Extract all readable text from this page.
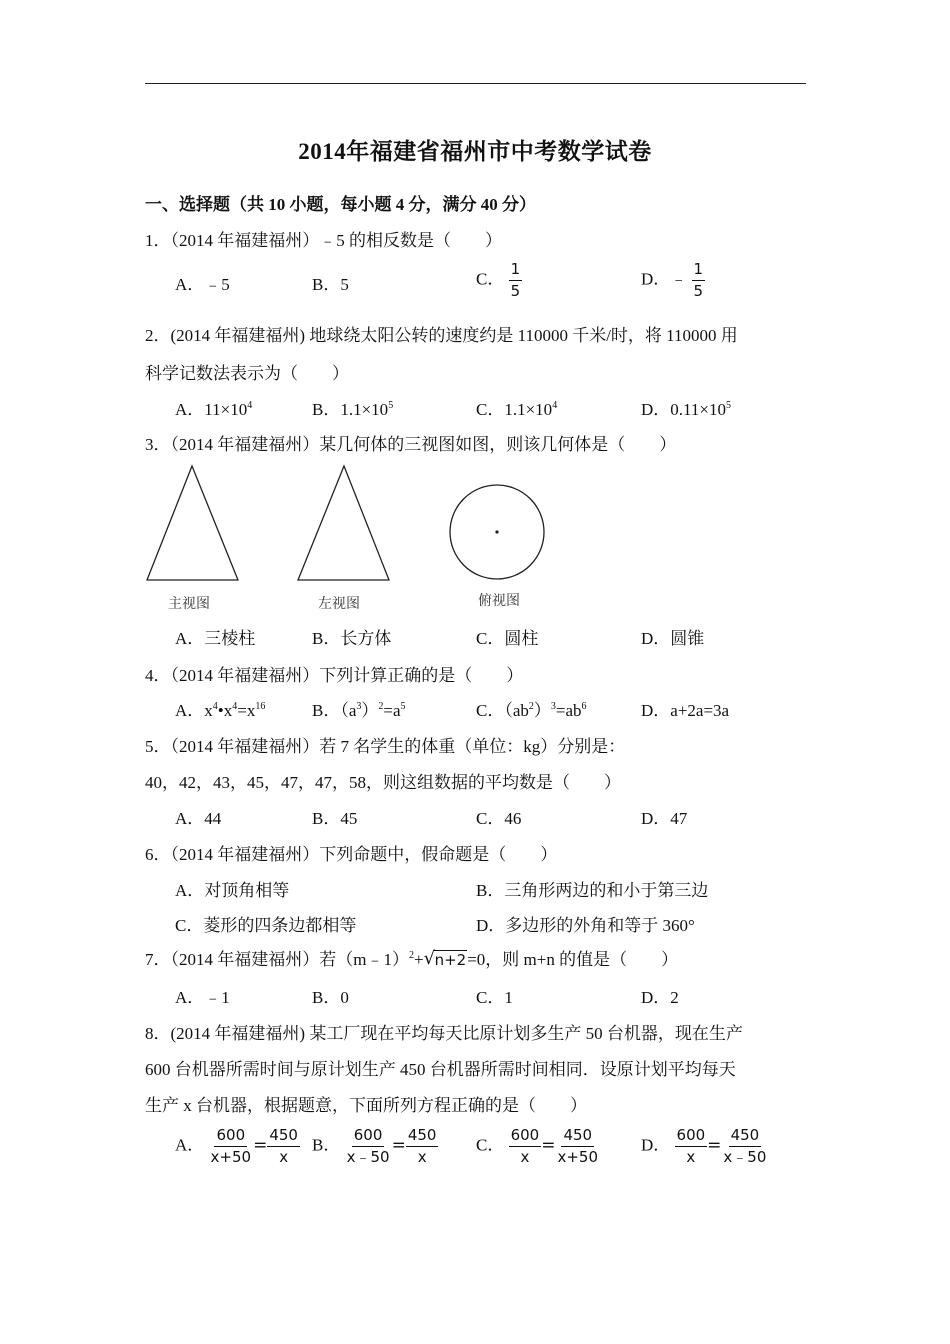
2014年福建省福州市中考数学试卷
一、选择题（共 10 小题，每小题 4 分，满分 40 分）
1．（2014 年福建福州）﹣5 的相反数是（　　）
A．﹣5	B．5	C． $\frac{1}{5}$	D．﹣ $\frac{1}{5}$
2．(2014 年福建福州) 地球绕太阳公转的速度约是 110000 千米/时，将 110000 用
科学记数法表示为（　　）
A．$11\times 10^4$	B．$1.1\times 10^5$	C．$1.1\times 10^4$	D．$0.11\times 10^5$
3．（2014 年福建福州）某几何体的三视图如图，则该几何体是（　　）
主视图	左视图	俯视图
A．三棱柱	B．长方体	C．圆柱	D．圆锥
4．（2014 年福建福州）下列计算正确的是（　　）
A．$x^4•x^4=x^{16}$	B．$(a^3)^2=a^5$	C．$(ab^2)^3=ab^6$	D．a+2a=3a
5．（2014 年福建福州）若 7 名学生的体重（单位：kg）分别是：
40，42，43，45，47，47，58，则这组数据的平均数是（　　）
A．44	B．45	C．46	D．47
6．（2014 年福建福州）下列命题中，假命题是（　　）
A．对顶角相等	B．三角形两边的和小于第三边
C．菱形的四条边都相等	D．多边形的外角和等于 360°
7．（2014 年福建福州）若（m﹣1）$^2$+ √ n+2=0，则 m+n 的值是（　　）
A．﹣1	B．0	C．1	D．2
8．(2014 年福建福州) 某工厂现在平均每天比原计划多生产 50 台机器，现在生产
600 台机器所需时间与原计划生产 450 台机器所需时间相同．设原计划平均每天
生产 x 台机器，根据题意，下面所列方程正确的是（　　）
A． $\frac{600}{x+50} = \frac{450}{x}$ B． $\frac{600}{x﹣50} = \frac{450}{x}$ C． $\frac{600}{x} = \frac{450}{x+50}$ D． $\frac{600}{x} = \frac{450}{x﹣50}$
